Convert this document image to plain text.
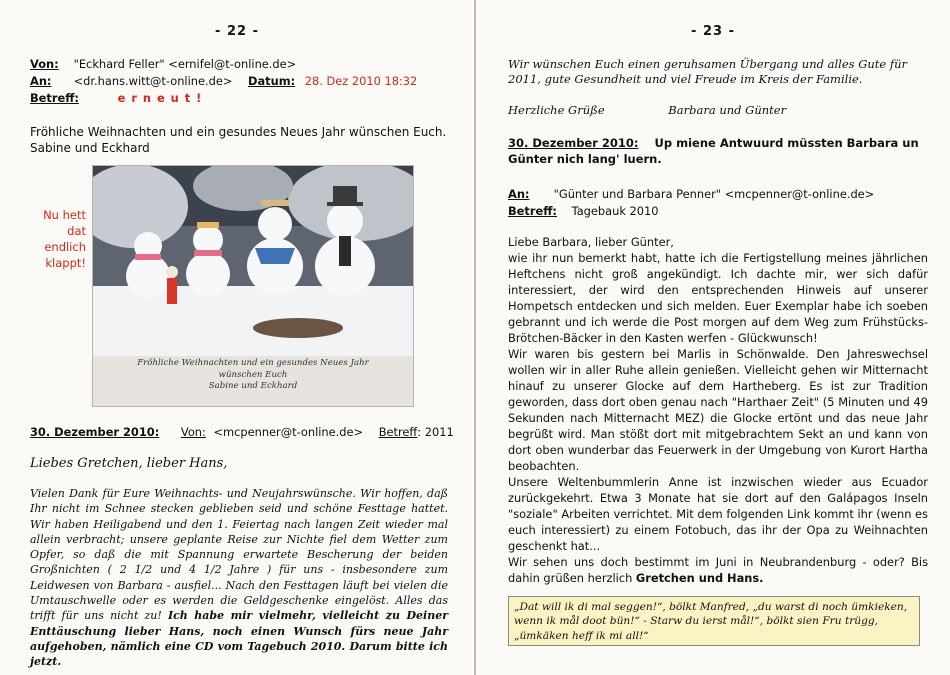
- 22 -
Von: "Eckhard Feller" <ernifel@t-online.de>
An: <dr.hans.witt@t-online.de> Datum: 28. Dez 2010 18:32
Betreff:	e r n e u t !

Fröhliche Weihnachten und ein gesundes Neues Jahr wünschen Euch.

Sabine und Eckhard

Nu hett dat endlich klappt!
Fröhliche Weihnachten und ein gesundes Neues Jahr
wünschen Euch
Sabine und Eckhard
30. Dezember 2010: Von: <mcpenner@t-online.de> Betreff: 2011
Liebes Gretchen, lieber Hans,
Vielen Dank für Eure Weihnachts- und Neujahrswünsche. Wir hoffen, daß Ihr nicht im Schnee stecken geblieben seid und schöne Festtage hattet. Wir haben Heiligabend und den 1. Feiertag nach langen Zeit wieder mal allein verbracht; unsere geplante Reise zur Nichte fiel dem Wetter zum Opfer, so daß die mit Spannung erwartete Bescherung der beiden Großnichten ( 2 1/2 und 4 1/2 Jahre ) für uns - insbesondere zum Leidwesen von Barbara - ausfiel... Nach den Festtagen läuft bei vielen die Umtauschwelle oder es werden die Geldgeschenke eingelöst. Alles das trifft für uns nicht zu! Ich habe mir vielmehr, vielleicht zu Deiner Enttäuschung lieber Hans, noch einen Wunsch fürs neue Jahr aufgehoben, nämlich eine CD vom Tagebuch 2010. Darum bitte ich jetzt.
- 23 -
Wir wünschen Euch einen geruhsamen Übergang und alles Gute für 2011, gute Gesundheit und viel Freude im Kreis der Familie.
Herzliche Grüße	Barbara und Günter
30. Dezember 2010: Up miene Antwuurd müssten Barbara un Günter nich lang' luern.
An: "Günter und Barbara Penner" <mcpenner@t-online.de>
Betreff: Tagebauk 2010

Liebe Barbara, lieber Günter,

wie ihr nun bemerkt habt, hatte ich die Fertigstellung meines jährlichen Heftchens nicht groß angekündigt. Ich dachte mir, wer sich dafür interessiert, der wird den entsprechenden Hinweis auf unserer Hompetsch entdecken und sich melden. Euer Exemplar habe ich soeben gebrannt und ich werde die Post morgen auf dem Weg zum Frühstücks-Brötchen-Bäcker in den Kasten werfen - Glückwunsch!

Wir waren bis gestern bei Marlis in Schönwalde. Den Jahreswechsel wollen wir in aller Ruhe allein genießen. Vielleicht gehen wir Mitternacht hinauf zu unserer Glocke auf dem Hartheberg. Es ist zur Tradition geworden, dass dort oben genau nach "Harthaer Zeit" (5 Minuten und 49 Sekunden nach Mitternacht MEZ) die Glocke ertönt und das neue Jahr begrüßt wird. Man stößt dort mit mitgebrachtem Sekt an und kann von dort oben wunderbar das Feuerwerk in der Umgebung von Kurort Hartha beobachten.

Unsere Weltenbummlerin Anne ist inzwischen wieder aus Ecuador zurückgekehrt. Etwa 3 Monate hat sie dort auf den Galápagos Inseln "soziale" Arbeiten verrichtet. Mit dem folgenden Link kommt ihr (wenn es euch interessiert) zu einem Fotobuch, das ihr der Opa zu Weihnachten geschenkt hat...

Wir sehen uns doch bestimmt im Juni in Neubrandenburg - oder? Bis dahin grüßen herzlich Gretchen und Hans.

„Dat will ik di mal seggen!“, bölkt Manfred, „du warst di noch ümkieken, wenn ik mål doot bün!“ - Starw du ierst mål!“, bölkt sien Fru trügg, „ümkäken heff ik mi all!“
